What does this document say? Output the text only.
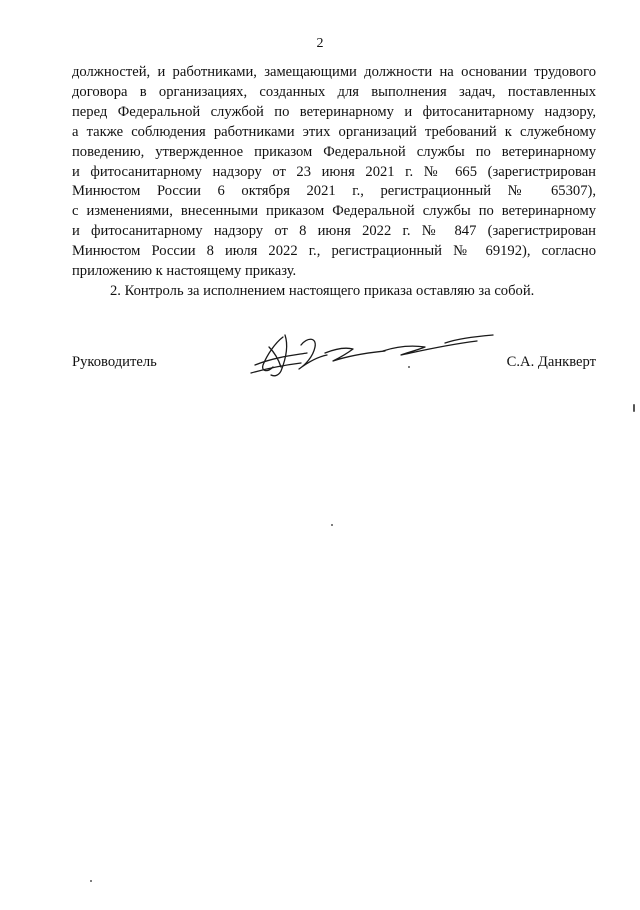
2
должностей, и работниками, замещающими должности на основании трудового
договора в организациях, созданных для выполнения задач, поставленных
перед Федеральной службой по ветеринарному и фитосанитарному надзору,
а также соблюдения работниками этих организаций требований к служебному
поведению, утвержденное приказом Федеральной службы по ветеринарному
и фитосанитарному надзору от 23 июня 2021 г. № 665 (зарегистрирован
Минюстом России 6 октября 2021 г., регистрационный № 65307),
с изменениями, внесенными приказом Федеральной службы по ветеринарному
и фитосанитарному надзору от 8 июня 2022 г. № 847 (зарегистрирован
Минюстом России 8 июля 2022 г., регистрационный № 69192), согласно
приложению к настоящему приказу.
2. Контроль за исполнением настоящего приказа оставляю за собой.
Руководитель	С.А. Данкверт
